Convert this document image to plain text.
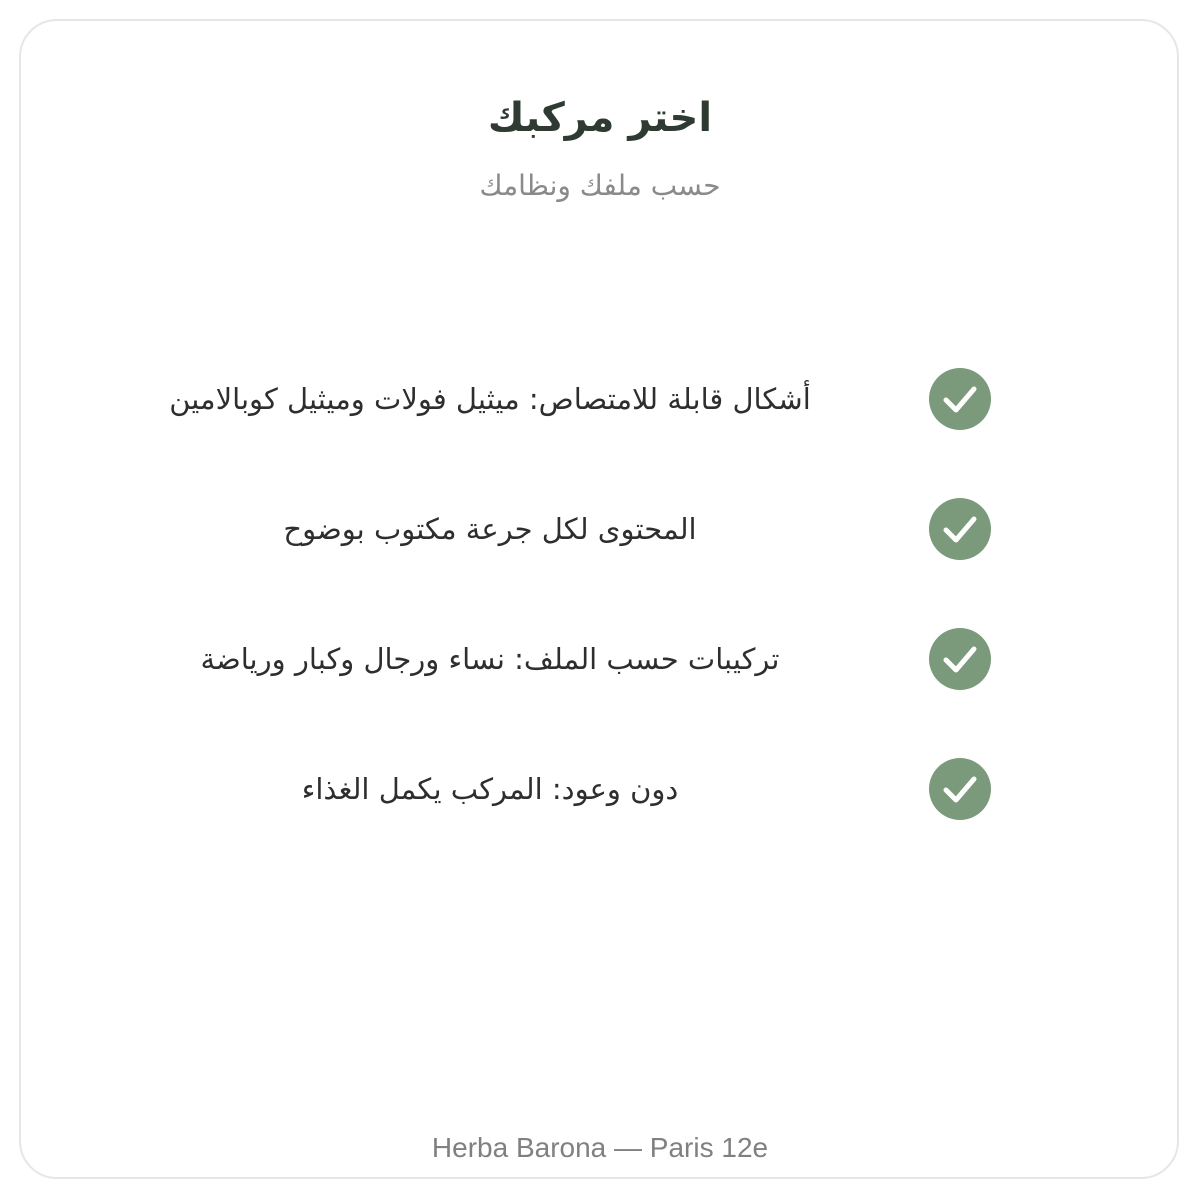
اختر مركبك
حسب ملفك ونظامك
أشكال قابلة للامتصاص: ميثيل فولات وميثيل كوبالامين
المحتوى لكل جرعة مكتوب بوضوح
تركيبات حسب الملف: نساء ورجال وكبار ورياضة
دون وعود: المركب يكمل الغذاء
Herba Barona — Paris 12e
